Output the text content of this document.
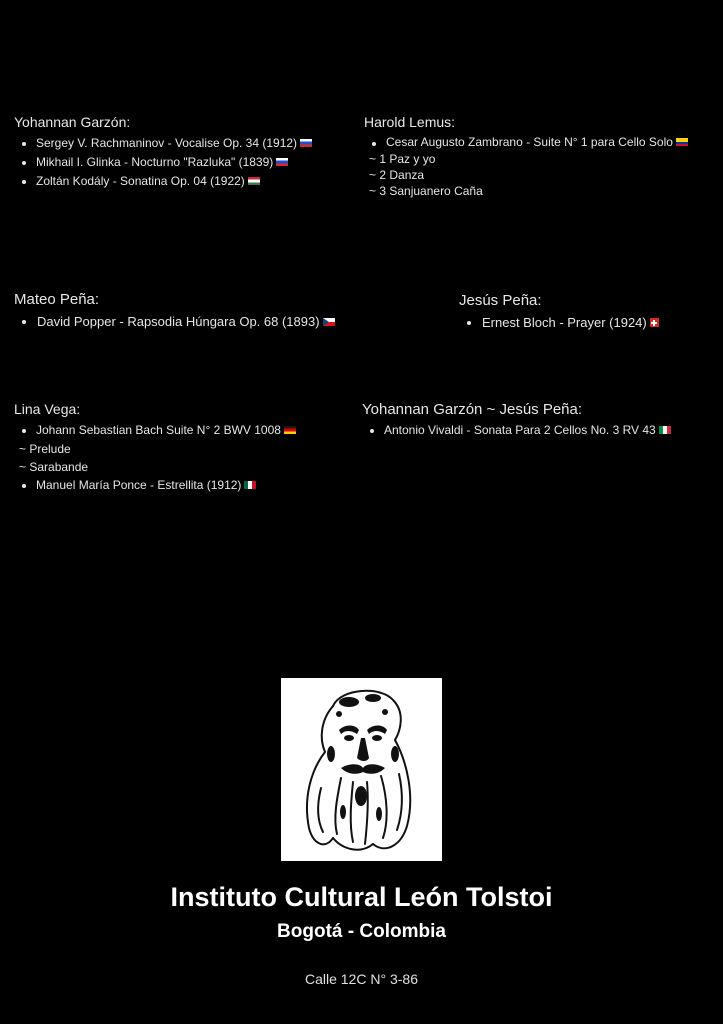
Yohannan Garzón:
Sergey V. Rachmaninov - Vocalise Op. 34 (1912)
Mikhail I. Glinka - Nocturno "Razluka" (1839)
Zoltán Kodály - Sonatina Op. 04 (1922)
Harold Lemus:
Cesar Augusto Zambrano - Suite N° 1 para Cello Solo
~ 1 Paz y yo
~ 2 Danza
~ 3 Sanjuanero Caña
Mateo Peña:
David Popper - Rapsodia Húngara Op. 68 (1893)
Jesús Peña:
Ernest Bloch - Prayer (1924)
Lina Vega:
Johann Sebastian Bach Suite N° 2 BWV 1008
~ Prelude
~ Sarabande
Manuel María Ponce - Estrellita (1912)
Yohannan Garzón ~ Jesús Peña:
Antonio Vivaldi - Sonata Para 2 Cellos No. 3 RV 43
Instituto Cultural León Tolstoi
Bogotá - Colombia
Calle 12C N° 3-86
